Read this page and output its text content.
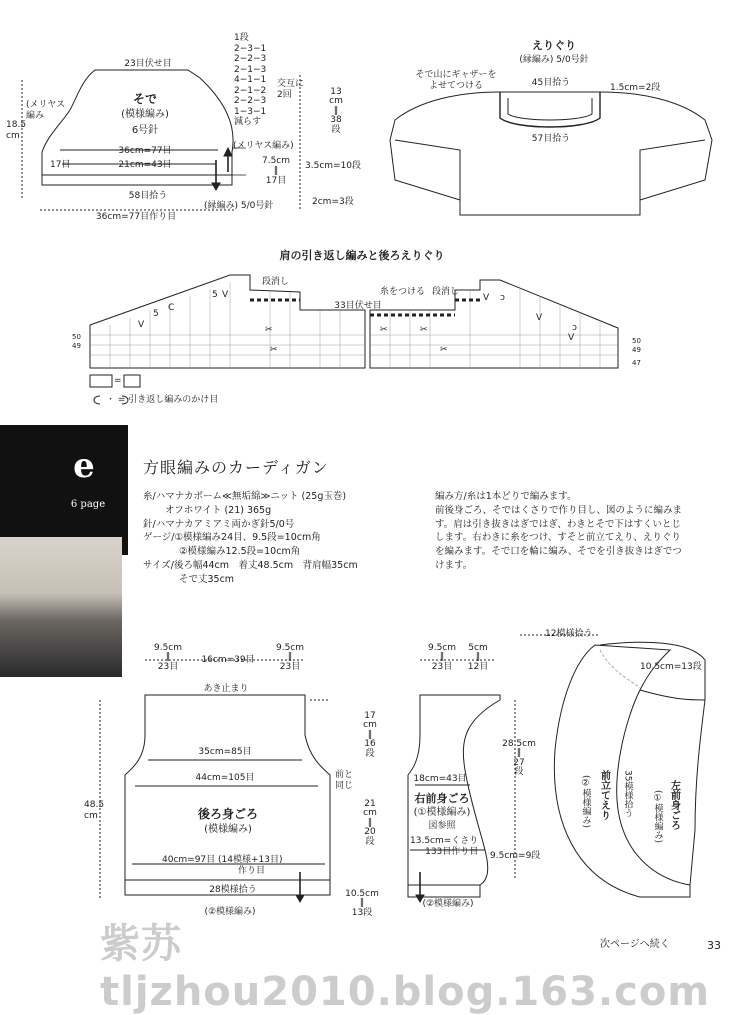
5
5
C
V
V	V ɔ
V
V
ɔ
✂
✂
✂	✂
✂
23目伏せ目
(メリヤス
編み
18.5
cm
そで
(模様編み)
6号針
36cm=77目
21cm=43目
17目
58目拾う
(縁編み) 5/0号針
36cm=77目作り目
(メリヤス編み)
7.5cm
‖
17目
1段
2−3−1
2−2−3
2−1−3
4−1−1
2−1−2
2−2−3
1−3−1
減らす
交互に
2回	13
cm
‖
38
段
3.5cm=10段
2cm=3段
えりぐり
(縁編み) 5/0号針
そで山にギャザーを
よせてつける	45目拾う	1.5cm=2段
57目拾う
肩の引き返し編みと後ろえりぐり
段消し
段消し
33目伏せ目
糸をつける
50
49
50
49
47
=
・ = 引き返し編みのかけ目
e
6 page
方眼編みのカーディガン
糸/ハマナカボーム≪無垢綿≫ニット (25g玉巻)
オフホワイト (21) 365g
針/ハマナカアミアミ両かぎ針5/0号
ゲージ/①模様編み24目、9.5段=10cm角
②模様編み12.5段=10cm角
サイズ/後ろ幅44cm　着丈48.5cm　背肩幅35cm
そで丈35cm
編み方/糸は1本どりで編みます。
前後身ごろ、そではくさりで作り目し、図のように編みま
す。肩は引き抜きはぎではぎ、わきとそで下はすくいとじ
します。右わきに糸をつけ、すそと前立てえり、えりぐり
を編みます。そで口を輪に編み、そでを引き抜きはぎでつ
けます。
9.5cm
‖
23目
16cm=39目
9.5cm
‖
23目
あき止まり
35cm=85目
44cm=105目	前と
同じ
後ろ身ごろ
(模様編み)
48.5
cm
40cm=97目 (14模様+13目)
作り目
28模様拾う
(②模様編み)
17
cm
‖
16
段
21
cm
‖
20
段
10.5cm
‖
13段
9.5cm
‖
23目
5cm
‖
12目
28.5cm
‖
27
段
18cm=43目
右前身ごろ
(①模様編み)
図参照
13.5cm=くさり
133目作り目 9.5cm=9段
(②模様編み)
12模様拾う
10.5cm=13段
前立てえり
(②模様編み)	35模様拾う	左前身ごろ
(①模様編み)
紫苏tljzhou2010.blog.163.com
次ページへ続く	33
